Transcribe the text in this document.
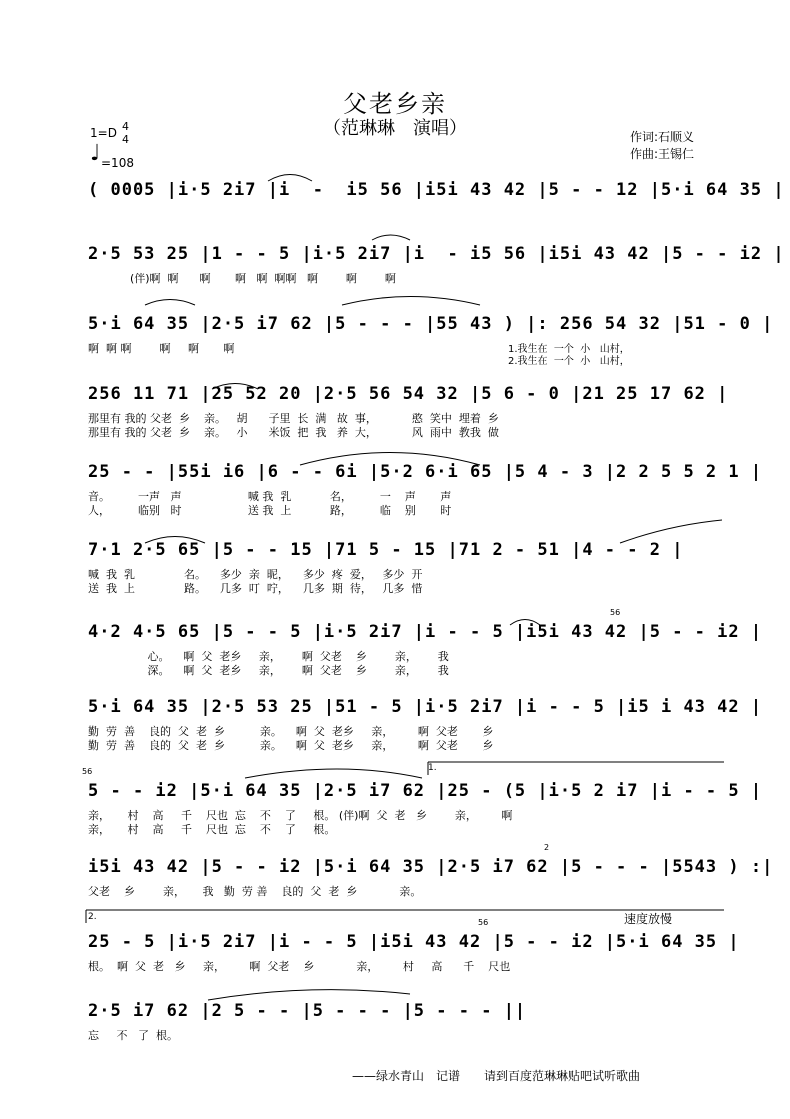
父老乡亲
（范琳琳　演唱）
1=D 4
4
♩ =108
作词:石顺义
作曲:王锡仁
( 0005 |i·5 2i7 |i  -  i5 56 |i5i 43 42 |5 - - 12 |5·i 64 35 |
2·5 53 25 |1 - - 5 |i·5 2i7 |i  - i5 56 |i5i 43 42 |5 - - i2 |
(伴)啊  啊      啊       啊   啊  啊啊   啊        啊        啊
5·i 64 35 |2·5 i7 62 |5 - - - |55 43 ) |: 256 54 32 |51 - 0 |
啊  啊 啊        啊     啊       啊	1.我生在  一个  小   山村，
2.我生在  一个  小   山村，
256 11 71 |25 52 20 |2·5 56 54 32 |5 6 - 0 |21 25 17 62 |
那里有 我的 父老  乡    亲。   胡      子里  长  满   故  事，          憨  笑中  埋着  乡
那里有 我的 父老  乡    亲。   小      米饭  把  我   养  大，          风  雨中  教我  做
25 - - |55i i6 |6 - - 6i |5·2 6·i 65 |5 4 - 3 |2 2 5 5 2 1 |
音。        一声   声                   喊 我  乳           名，        一    声       声
人，        临别   时                   送 我  上           路，        临    别       时
7·1 2·5 65 |5 - - 15 |71 5 - 15 |71 2 - 51 |4 - - 2 |
喊  我  乳              名。    多少  亲  昵，    多少  疼  爱，   多少  开
送  我  上              路。    几多  叮  咛，    几多  期  待，   几多  惜
4·2 4·5 65 |5 - - 5 |i·5 2i7 |i - - 5 |i5i 43 42 |5 - - i2 |
心。    啊  父  老乡     亲，      啊  父老    乡        亲，      我
深。    啊  父  老乡     亲，      啊  父老    乡        亲，      我
56
5·i 64 35 |2·5 53 25 |51 - 5 |i·5 2i7 |i - - 5 |i5 i 43 42 |
勤  劳  善    良的  父  老  乡          亲。    啊  父  老乡     亲，       啊  父老       乡
勤  劳  善    良的  父  老  乡          亲。    啊  父  老乡     亲，       啊  父老       乡
5 - - i2 |5·i 64 35 |2·5 i7 62 |25 - (5 |i·5 2 i7 |i - - 5 |
亲，     村    高     千    尺也  忘    不    了     根。 (伴)啊  父  老   乡        亲，       啊
亲，     村    高     千    尺也  忘    不    了     根。
56	1.
i5i 43 42 |5 - - i2 |5·i 64 35 |2·5 i7 62 |5 - - - |5543 ) :|
父老    乡        亲，     我   勤  劳 善    良的  父  老  乡            亲。
2
25 - 5 |i·5 2i7 |i - - 5 |i5i 43 42 |5 - - i2 |5·i 64 35 |
根。  啊  父  老   乡     亲，       啊  父老    乡            亲，       村     高      千    尺也
2.
56	速度放慢
2·5 i7 62 |2 5 - - |5 - - - |5 - - - ||
忘     不   了  根。
——绿水青山　记谱 请到百度范琳琳贴吧试听歌曲
